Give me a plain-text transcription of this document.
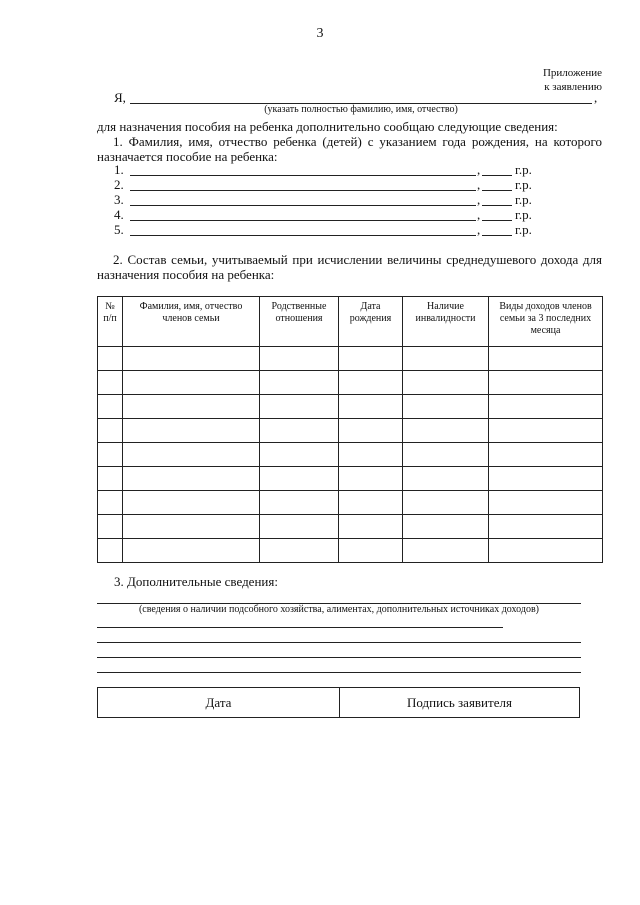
3
Приложение
к заявлению
Я,	,
(указать полностью фамилию, имя, отчество)
для назначения пособия на ребенка дополнительно сообщаю следующие сведения:
1. Фамилия, имя, отчество ребенка (детей) с указанием года рождения, на которого назначается пособие на ребенка:
1.	,	г.р.
2.	,	г.р.
3.	,	г.р.
4.	,	г.р.
5.	,	г.р.
2. Состав семьи, учитываемый при исчислении величины среднедушевого дохода для назначения пособия на ребенка:
№ п/п	Фамилия, имя, отчество членов семьи	Родственные отношения	Дата рождения	Наличие инвалидности	Виды доходов членов семьи за 3 последних месяца

3. Дополнительные сведения:
(сведения о наличии подсобного хозяйства, алиментах, дополнительных источниках доходов)
Дата	Подпись заявителя
